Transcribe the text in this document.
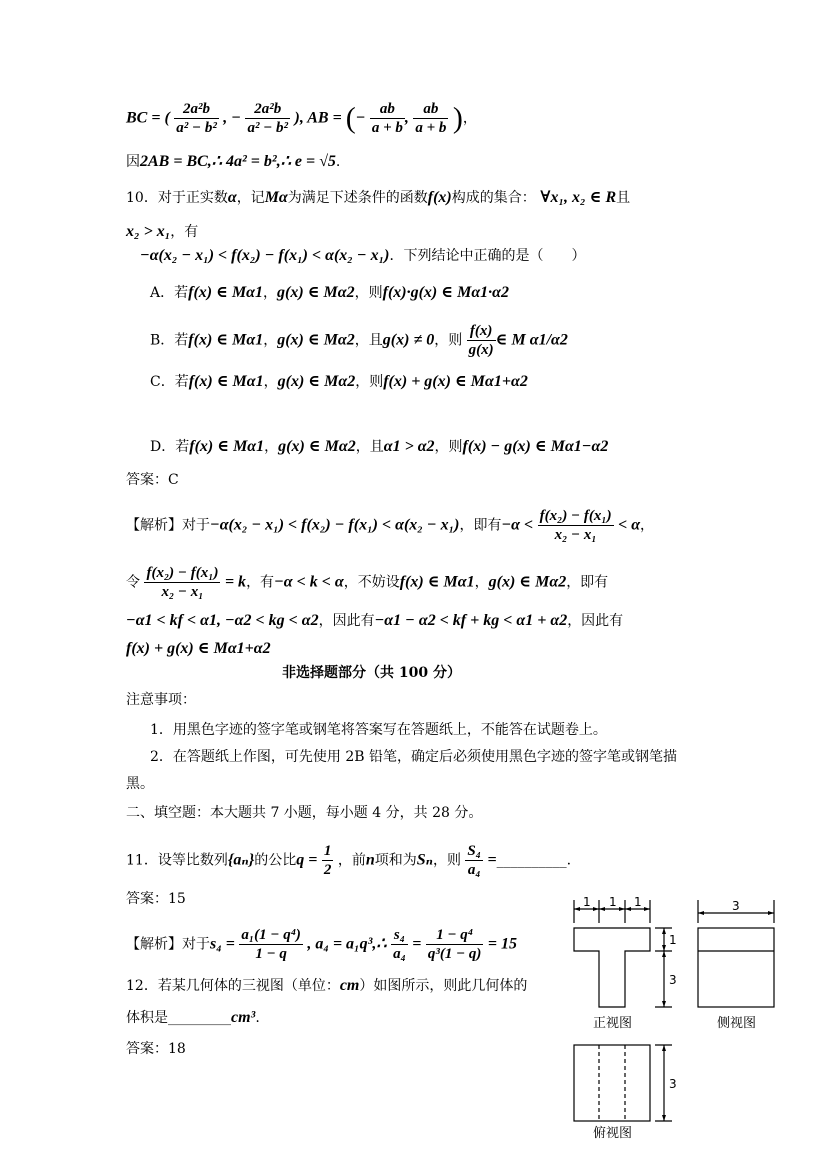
BC = ( $\frac{\text{2a²b}}{\text{a² − b²}}$ , − $\frac{\text{2a²b}}{\text{a² − b²}}$ ), AB = (− $\frac{ab}{a + b}$ , $\frac{ab}{a + b}$ )，
因2AB = BC,∴ 4a² = b²,∴ e = √5.
10．对于正实数α，记Mα为满足下述条件的函数f(x)构成的集合： ∀x₁, x₂ ∈ R且
x₂ > x₁，有
−α(x₂ − x₁) < f(x₂) − f(x₁) < α(x₂ − x₁)．下列结论中正确的是（　　）
A．若f(x) ∈ Mα1，g(x) ∈ Mα2，则f(x)·g(x) ∈ Mα1·α2
B．若f(x) ∈ Mα1，g(x) ∈ Mα2，且g(x) ≠ 0，则 $\frac{f(x)}{g(x)}$ ∈ M α1/α2
C．若f(x) ∈ Mα1，g(x) ∈ Mα2，则f(x) + g(x) ∈ Mα1+α2
D．若f(x) ∈ Mα1，g(x) ∈ Mα2，且α1 > α2，则f(x) − g(x) ∈ Mα1−α2
答案：C
【解析】对于−α(x₂ − x₁) < f(x₂) − f(x₁) < α(x₂ − x₁)，即有$-\alpha < \frac{\text{f(x₂) − f(x₁)}}{\text{x₂ − x₁}} < \alpha$，
令 $\frac{\text{f(x₂) − f(x₁)}}{\text{x₂ − x₁}} = k$，有−α < k < α，不妨设f(x) ∈ Mα1，g(x) ∈ Mα2，即有
−α1 < kf < α1, −α2 < kg < α2，因此有−α1 − α2 < kf + kg < α1 + α2，因此有
f(x) + g(x) ∈ Mα1+α2
非选择题部分（共 100 分）
注意事项：
1．用黑色字迹的签字笔或钢笔将答案写在答题纸上，不能答在试题卷上。
2．在答题纸上作图，可先使用 2B 铅笔，确定后必须使用黑色字迹的签字笔或钢笔描
黑。
二、填空题：本大题共 7 小题，每小题 4 分，共 28 分。
11．设等比数列{aₙ}的公比$q = \frac{1}{2}$ ，前n项和为Sₙ，则 $\frac{\text{S₄}}{\text{a₄}}$ =__________.
答案：15
【解析】对于$s_4 = \frac{\text{a₁(1 − q⁴)}}{1 - q}$ , a₄ = a₁q³,∴ $\frac{\text{s₄}}{\text{a₄}} = \frac{\text{1 − q⁴}}{\text{q³(1 − q)}} = 15$
12．若某几何体的三视图（单位：cm）如图所示，则此几何体的
体积是_________cm³.
答案：18
1 1 1	3
1
3
3
正视图	侧视图
俯视图
